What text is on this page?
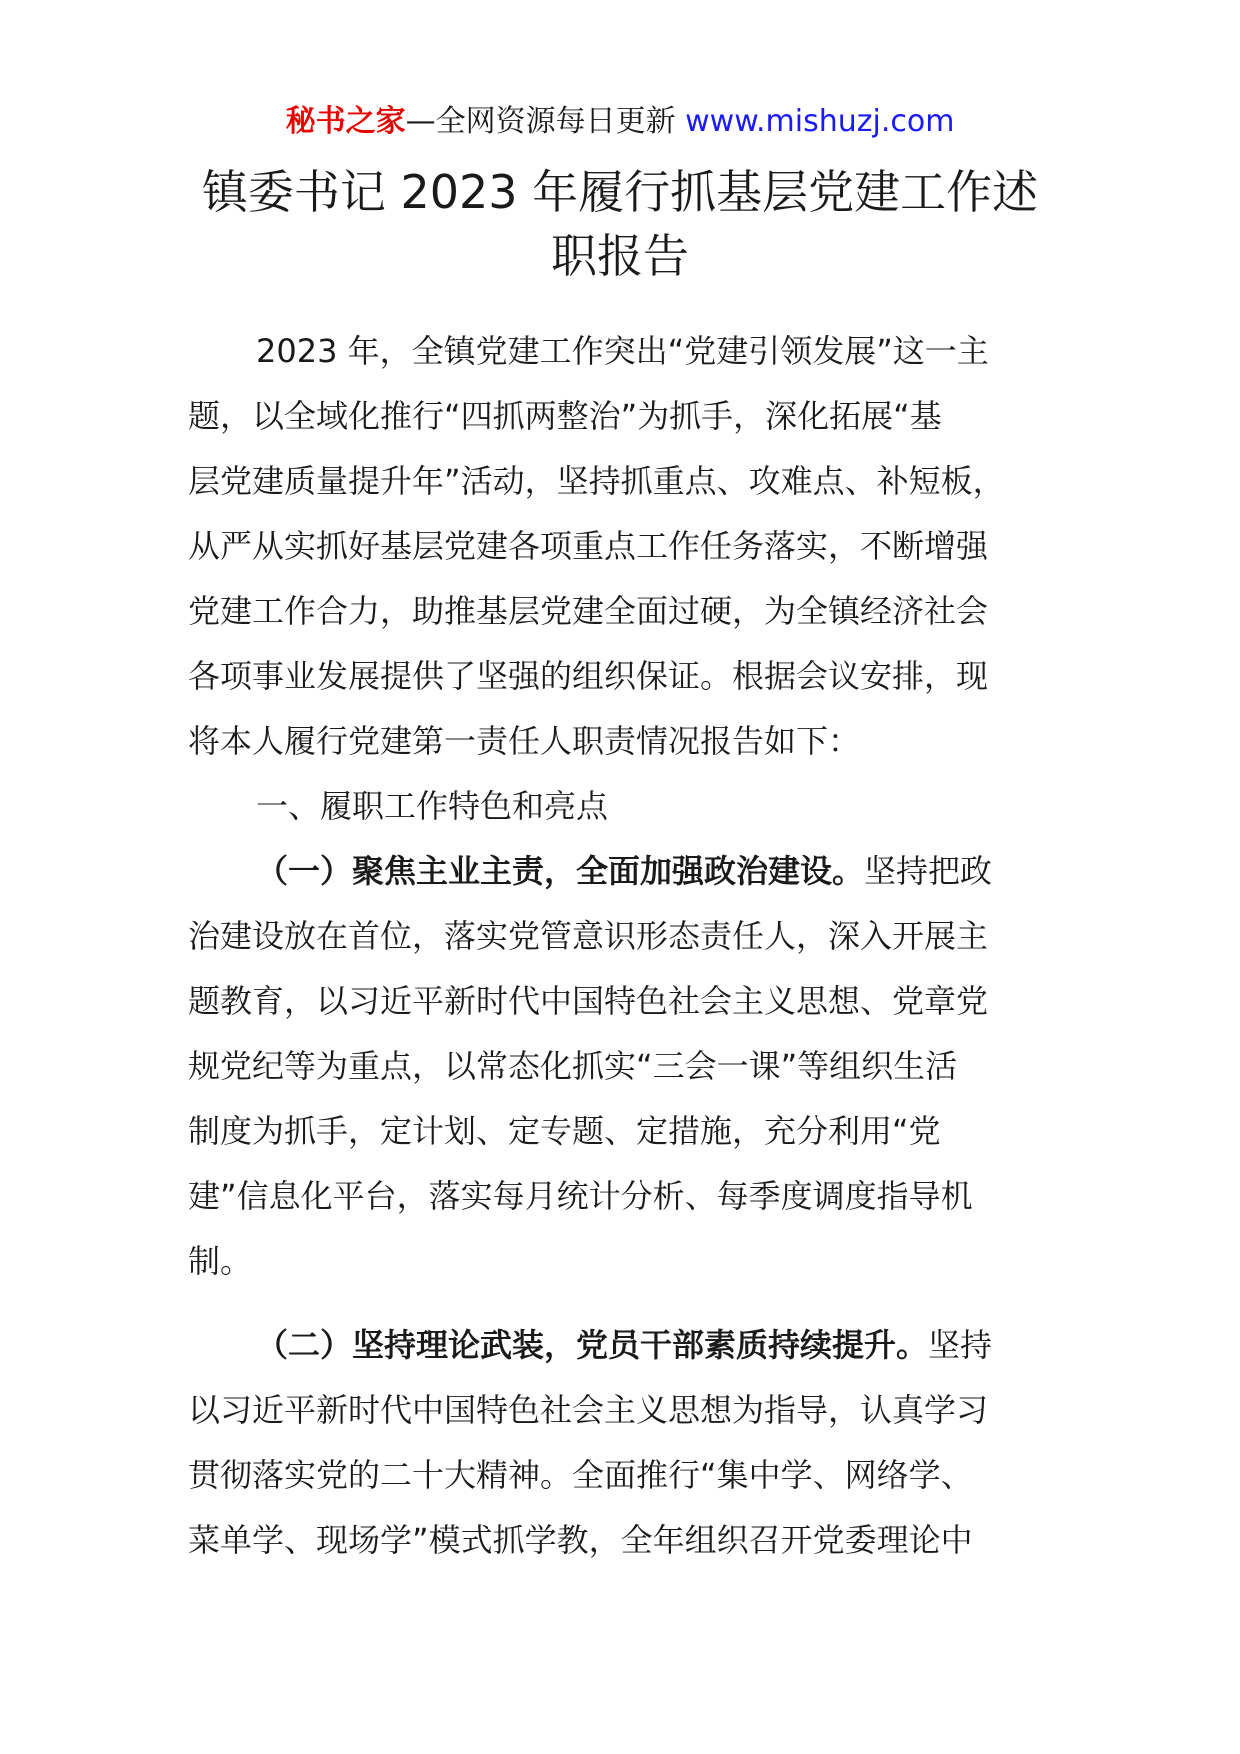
秘书之家—全网资源每日更新 www.mishuzj.com
镇委书记 2023 年履行抓基层党建工作述
职报告
2023 年，全镇党建工作突出“党建引领发展”这一主
题，以全域化推行“四抓两整治”为抓手，深化拓展“基
层党建质量提升年”活动，坚持抓重点、攻难点、补短板，
从严从实抓好基层党建各项重点工作任务落实，不断增强
党建工作合力，助推基层党建全面过硬，为全镇经济社会
各项事业发展提供了坚强的组织保证。根据会议安排，现
将本人履行党建第一责任人职责情况报告如下：
一、履职工作特色和亮点
（一）聚焦主业主责，全面加强政治建设。坚持把政
治建设放在首位，落实党管意识形态责任人，深入开展主
题教育，以习近平新时代中国特色社会主义思想、党章党
规党纪等为重点，以常态化抓实“三会一课”等组织生活
制度为抓手，定计划、定专题、定措施，充分利用“党
建”信息化平台，落实每月统计分析、每季度调度指导机
制。
（二）坚持理论武装，党员干部素质持续提升。坚持
以习近平新时代中国特色社会主义思想为指导，认真学习
贯彻落实党的二十大精神。全面推行“集中学、网络学、
菜单学、现场学”模式抓学教，全年组织召开党委理论中
